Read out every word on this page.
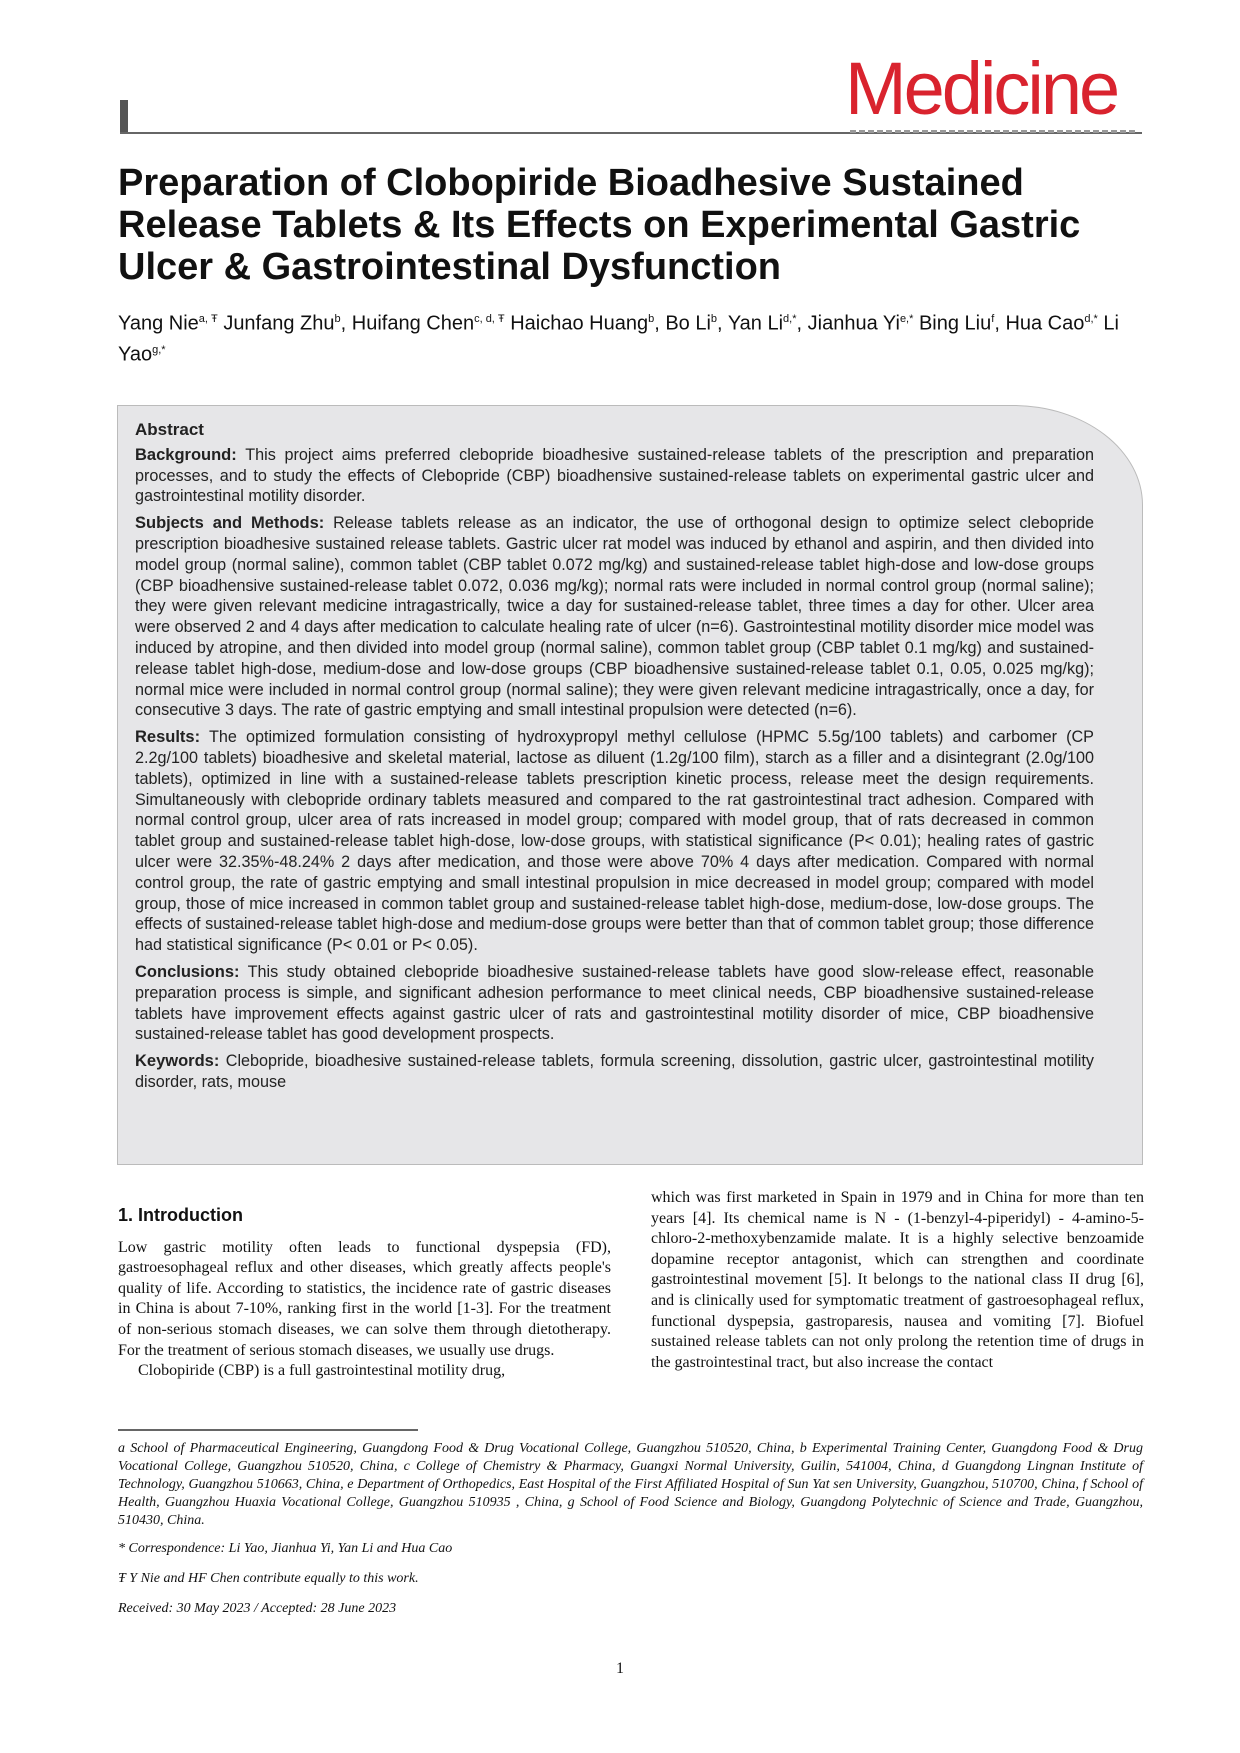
Medicine
Preparation of Clobopiride Bioadhesive Sustained Release Tablets & Its Effects on Experimental Gastric Ulcer & Gastrointestinal Dysfunction
Yang Nie$^{a, Ŧ}$ Junfang Zhu$^b$, Huifang Chen$^{c, d, Ŧ}$ Haichao Huang$^b$, Bo Li$^b$, Yan $Li^{d,*}$, Jianhua $Yi^{e,*}$ Bing Liu$^f$, Hua Cao$^{d,*}$ Li Yao$^{g,*}$
Abstract

Background: This project aims preferred clebopride bioadhesive sustained-release tablets of the prescription and preparation processes, and to study the effects of Clebopride (CBP) bioadhensive sustained-release tablets on experimental gastric ulcer and gastrointestinal motility disorder.

Subjects and Methods: Release tablets release as an indicator, the use of orthogonal design to optimize select clebopride prescription bioadhesive sustained release tablets. Gastric ulcer rat model was induced by ethanol and aspirin, and then divided into model group (normal saline), common tablet (CBP tablet 0.072 mg/kg) and sustained-release tablet high-dose and low-dose groups (CBP bioadhensive sustained-release tablet 0.072, 0.036 mg/kg); normal rats were included in normal control group (normal saline); they were given relevant medicine intragastrically, twice a day for sustained-release tablet, three times a day for other. Ulcer area were observed 2 and 4 days after medication to calculate healing rate of ulcer (n=6). Gastrointestinal motility disorder mice model was induced by atropine, and then divided into model group (normal saline), common tablet group (CBP tablet 0.1 mg/kg) and sustained-release tablet high-dose, medium-dose and low-dose groups (CBP bioadhensive sustained-release tablet 0.1, 0.05, 0.025 mg/kg); normal mice were included in normal control group (normal saline); they were given relevant medicine intragastrically, once a day, for consecutive 3 days. The rate of gastric emptying and small intestinal propulsion were detected (n=6).

Results: The optimized formulation consisting of hydroxypropyl methyl cellulose (HPMC 5.5g/100 tablets) and carbomer (CP 2.2g/100 tablets) bioadhesive and skeletal material, lactose as diluent (1.2g/100 film), starch as a filler and a disintegrant (2.0g/100 tablets), optimized in line with a sustained-release tablets prescription kinetic process, release meet the design requirements. Simultaneously with clebopride ordinary tablets measured and compared to the rat gastrointestinal tract adhesion. Compared with normal control group, ulcer area of rats increased in model group; compared with model group, that of rats decreased in common tablet group and sustained-release tablet high-dose, low-dose groups, with statistical significance (P< 0.01); healing rates of gastric ulcer were 32.35%-48.24% 2 days after medication, and those were above 70% 4 days after medication. Compared with normal control group, the rate of gastric emptying and small intestinal propulsion in mice decreased in model group; compared with model group, those of mice increased in common tablet group and sustained-release tablet high-dose, medium-dose, low-dose groups. The effects of sustained-release tablet high-dose and medium-dose groups were better than that of common tablet group; those difference had statistical significance (P< 0.01 or P< 0.05).

Conclusions: This study obtained clebopride bioadhesive sustained-release tablets have good slow-release effect, reasonable preparation process is simple, and significant adhesion performance to meet clinical needs, CBP bioadhensive sustained-release tablets have improvement effects against gastric ulcer of rats and gastrointestinal motility disorder of mice, CBP bioadhensive sustained-release tablet has good development prospects.

Keywords: Clebopride, bioadhesive sustained-release tablets, formula screening, dissolution, gastric ulcer, gastrointestinal motility disorder, rats, mouse

1. Introduction

Low gastric motility often leads to functional dyspepsia (FD), gastroesophageal reflux and other diseases, which greatly affects people's quality of life. According to statistics, the incidence rate of gastric diseases in China is about 7-10%, ranking first in the world [1-3]. For the treatment of non-serious stomach diseases, we can solve them through dietotherapy. For the treatment of serious stomach diseases, we usually use drugs.

Clobopiride (CBP) is a full gastrointestinal motility drug,

which was first marketed in Spain in 1979 and in China for more than ten years [4]. Its chemical name is N - (1-benzyl-4-piperidyl) - 4-amino-5-chloro-2-methoxybenzamide malate. It is a highly selective benzoamide dopamine receptor antagonist, which can strengthen and coordinate gastrointestinal movement [5]. It belongs to the national class II drug [6], and is clinically used for symptomatic treatment of gastroesophageal reflux, functional dyspepsia, gastroparesis, nausea and vomiting [7]. Biofuel sustained release tablets can not only prolong the retention time of drugs in the gastrointestinal tract, but also increase the contact

a School of Pharmaceutical Engineering, Guangdong Food & Drug Vocational College, Guangzhou 510520, China, b Experimental Training Center, Guangdong Food & Drug Vocational College, Guangzhou 510520, China, c College of Chemistry & Pharmacy, Guangxi Normal University, Guilin, 541004, China, d Guangdong Lingnan Institute of Technology, Guangzhou 510663, China, e Department of Orthopedics, East Hospital of the First Affiliated Hospital of Sun Yat sen University, Guangzhou, 510700, China, f School of Health, Guangzhou Huaxia Vocational College, Guangzhou 510935 , China, g School of Food Science and Biology, Guangdong Polytechnic of Science and Trade, Guangzhou, 510430, China.
* Correspondence: Li Yao, Jianhua Yi, Yan Li and Hua Cao
Ŧ Y Nie and HF Chen contribute equally to this work.
Received: 30 May 2023 / Accepted: 28 June 2023
1
